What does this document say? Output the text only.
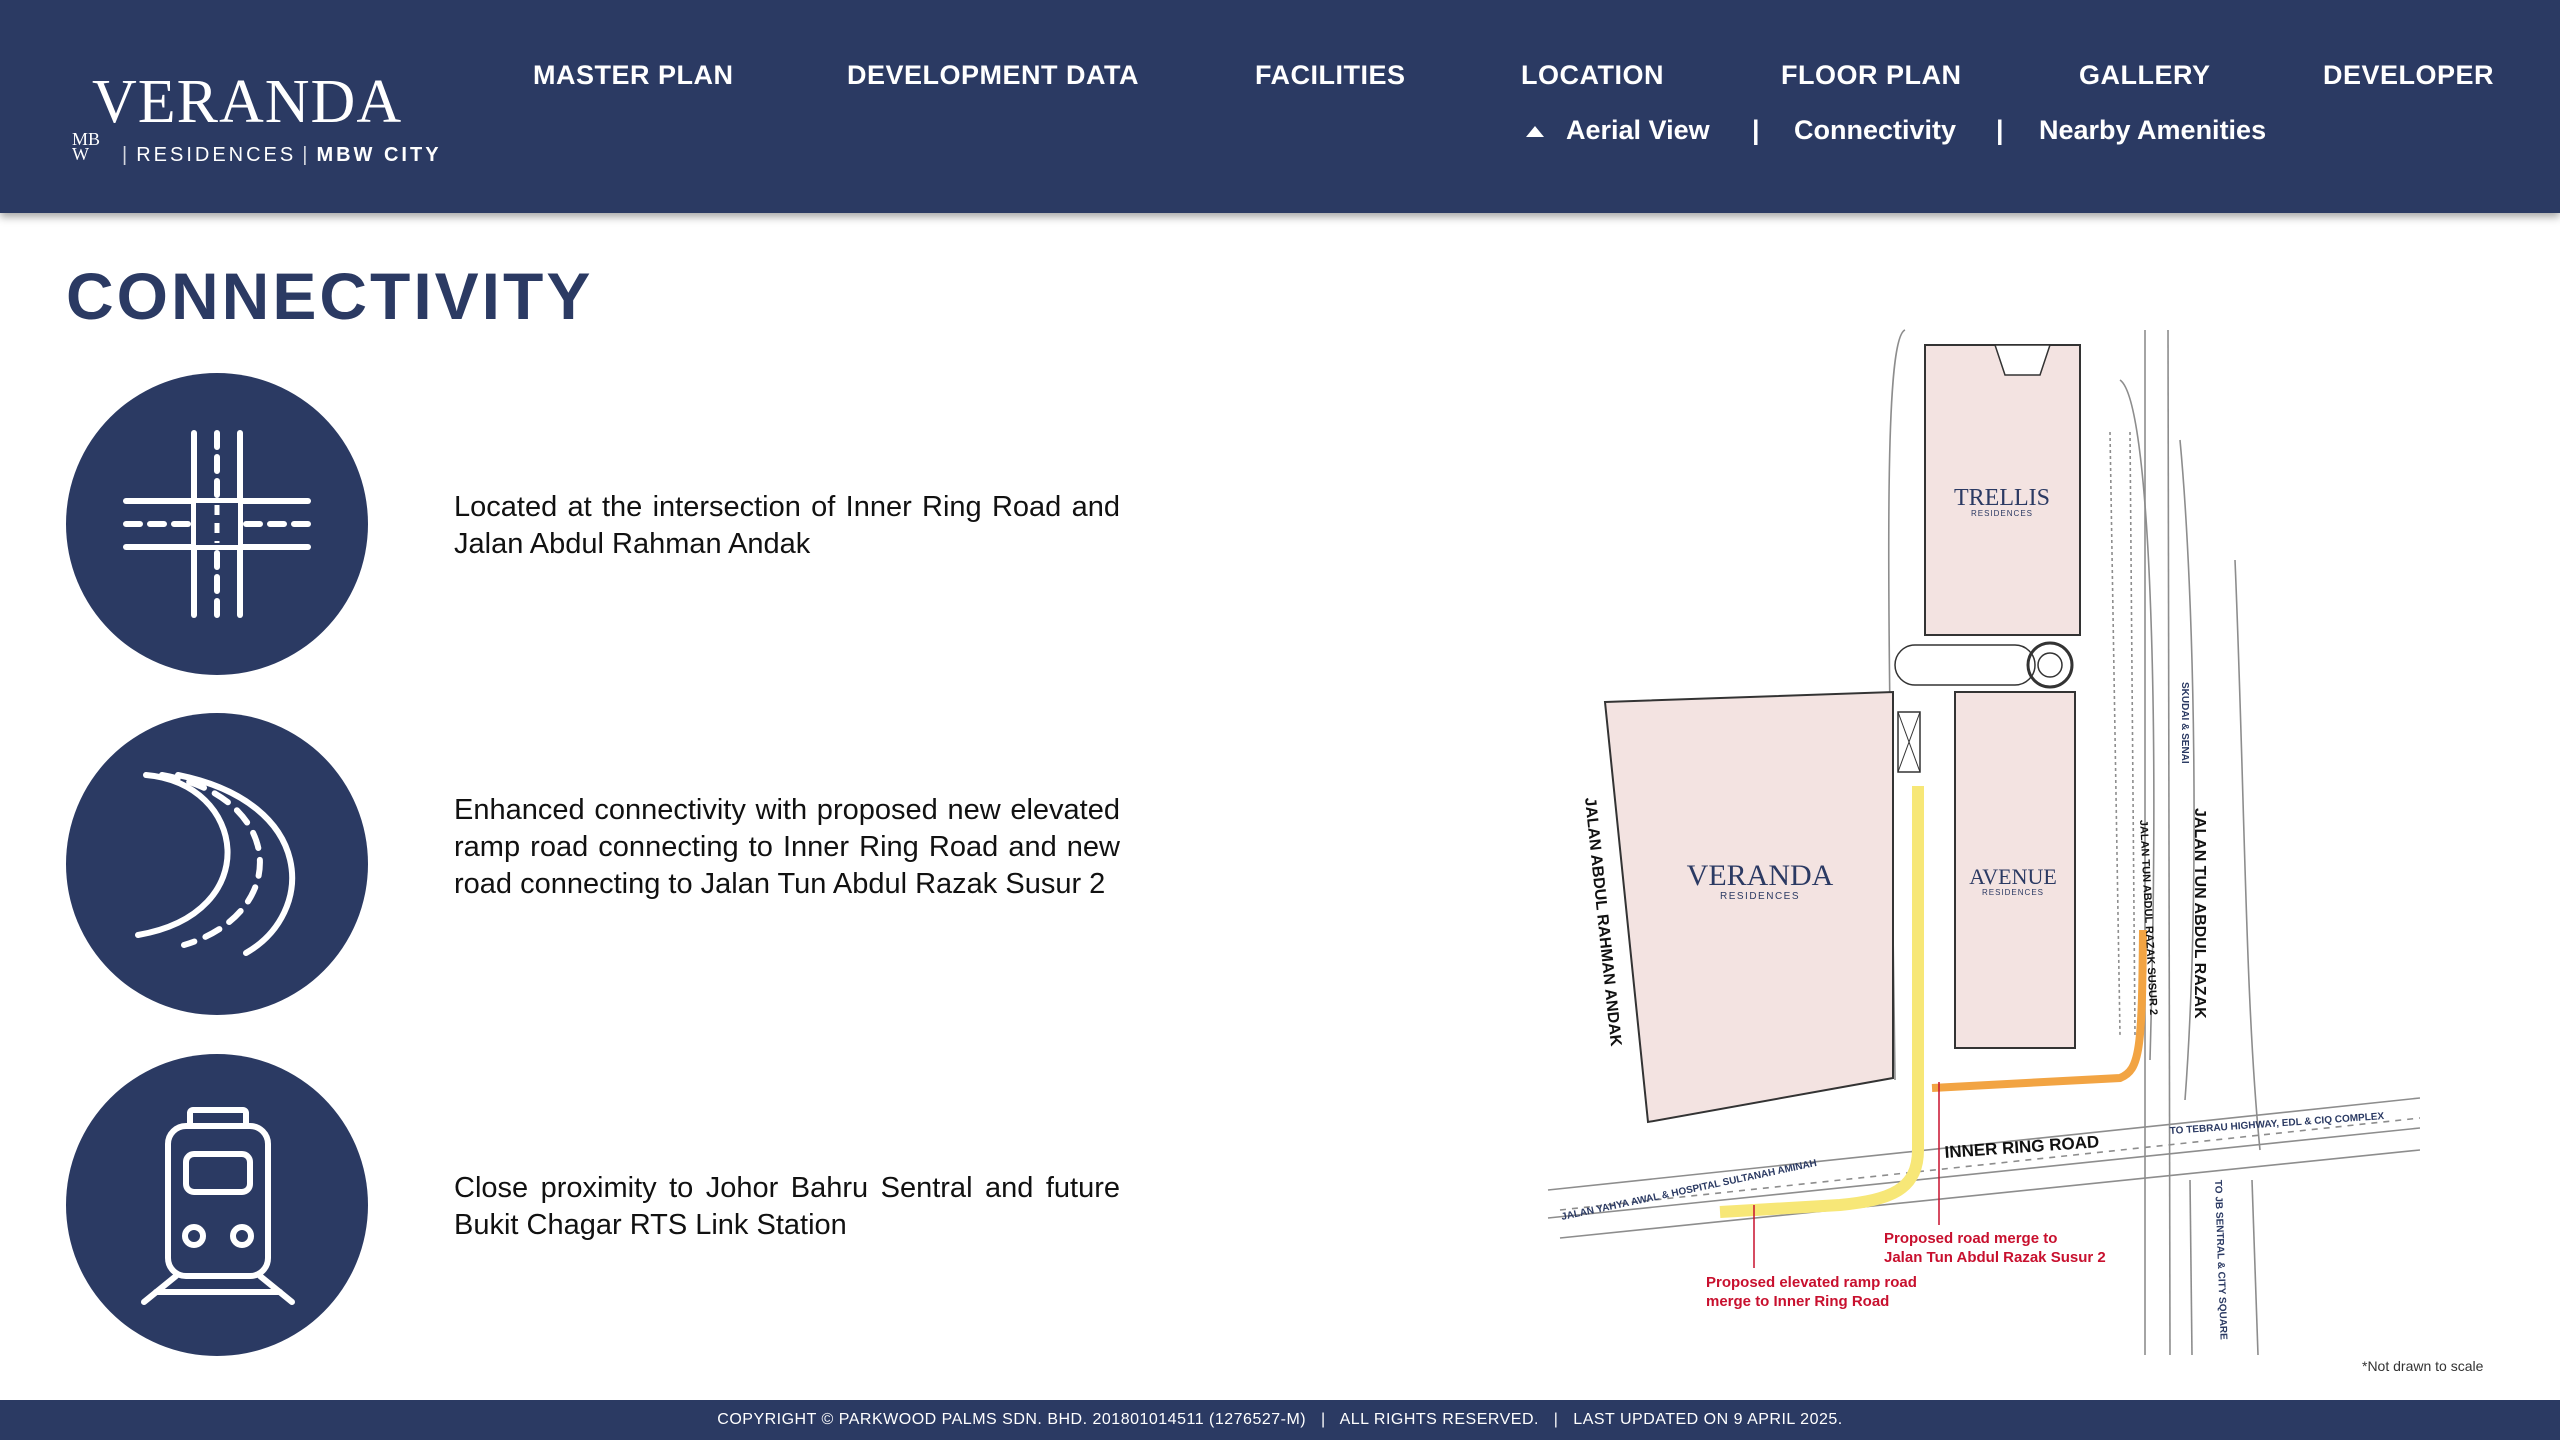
MBW
VERANDA
| RESIDENCES | MBW CITY
MASTER PLAN	DEVELOPMENT DATA	FACILITIES	LOCATION	FLOOR PLAN	GALLERY	DEVELOPER
Aerial View | Connectivity | Nearby Amenities
CONNECTIVITY

Located at the intersection of Inner Ring Road and Jalan Abdul Rahman Andak

Enhanced connectivity with proposed new elevated ramp road connecting to Inner Ring Road and new road connecting to Jalan Tun Abdul Razak Susur 2

Close proximity to Johor Bahru Sentral and future Bukit Chagar RTS Link Station

TRELLIS
RESIDENCES
VERANDA
RESIDENCES
AVENUE
RESIDENCES
JALAN ABDUL RAHMAN ANDAK	JALAN TUN ABDUL RAZAK
JALAN TUN ABDUL RAZAK SUSUR 2
SKUDAI & SENAI
INNER RING ROAD
TO TEBRAU HIGHWAY, EDL & CIQ COMPLEX
JALAN YAHYA AWAL & HOSPITAL SULTANAH AMINAH	TO JB SENTRAL & CITY SQUARE
Proposed road merge to
Jalan Tun Abdul Razak Susur 2
Proposed elevated ramp road
merge to Inner Ring Road
*Not drawn to scale
COPYRIGHT © PARKWOOD PALMS SDN. BHD. 201801014511 (1276527-M)   |   ALL RIGHTS RESERVED.   |   LAST UPDATED ON 9 APRIL 2025.
